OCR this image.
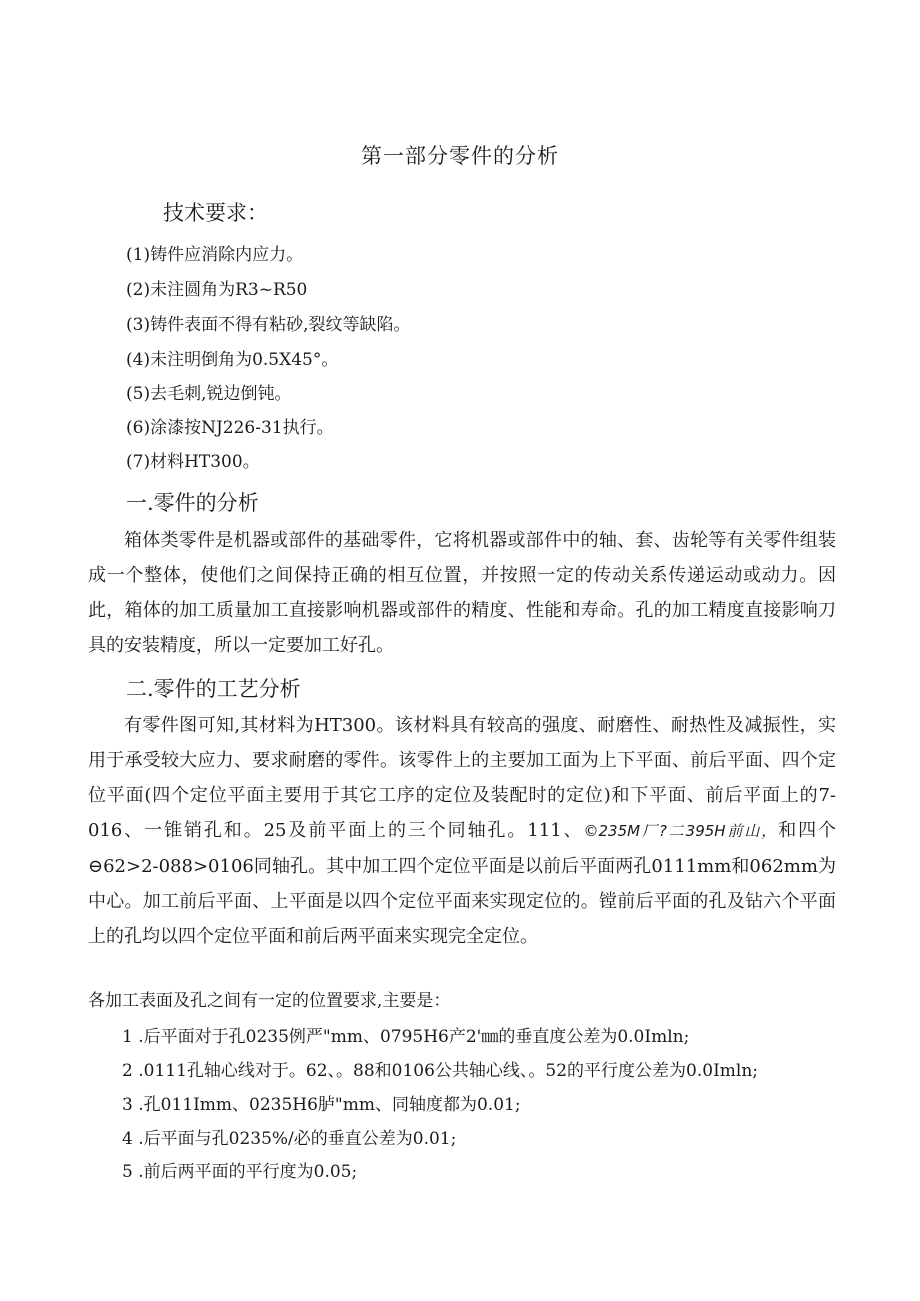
第一部分零件的分析
技术要求：
(1)铸件应消除内应力。
(2)未注圆角为R3~R50
(3)铸件表面不得有粘砂,裂纹等缺陷。
(4)未注明倒角为0.5X45°。
(5)去毛刺,锐边倒钝。
(6)涂漆按NJ226-31执行。
(7)材料HT300。
一.零件的分析

箱体类零件是机器或部件的基础零件，它将机器或部件中的轴、套、齿轮等有关零件组装成一个整体，使他们之间保持正确的相互位置，并按照一定的传动关系传递运动或动力。因此，箱体的加工质量加工直接影响机器或部件的精度、性能和寿命。孔的加工精度直接影响刀具的安装精度，所以一定要加工好孔。

二.零件的工艺分析

有零件图可知,其材料为HT300。该材料具有较高的强度、耐磨性、耐热性及减振性，实用于承受较大应力、要求耐磨的零件。该零件上的主要加工面为上下平面、前后平面、四个定位平面(四个定位平面主要用于其它工序的定位及装配时的定位)和下平面、前后平面上的7-016、一锥销孔和。25及前平面上的三个同轴孔。111、©235M厂?二395H前山，和四个⊖62>2-088>0106同轴孔。其中加工四个定位平面是以前后平面两孔0111mm和062mm为中心。加工前后平面、上平面是以四个定位平面来实现定位的。镗前后平面的孔及钻六个平面上的孔均以四个定位平面和前后两平面来实现完全定位。

各加工表面及孔之间有一定的位置要求,主要是：
1 .后平面对于孔0235例严"mm、0795H6产2'㎜的垂直度公差为0.0Imln;
2 .0111孔轴心线对于。62、。88和0106公共轴心线、。52的平行度公差为0.0Imln;
3 .孔011Imm、0235H6胪"mm、同轴度都为0.01;
4 .后平面与孔0235%/必的垂直公差为0.01;
5 .前后两平面的平行度为0.05;
